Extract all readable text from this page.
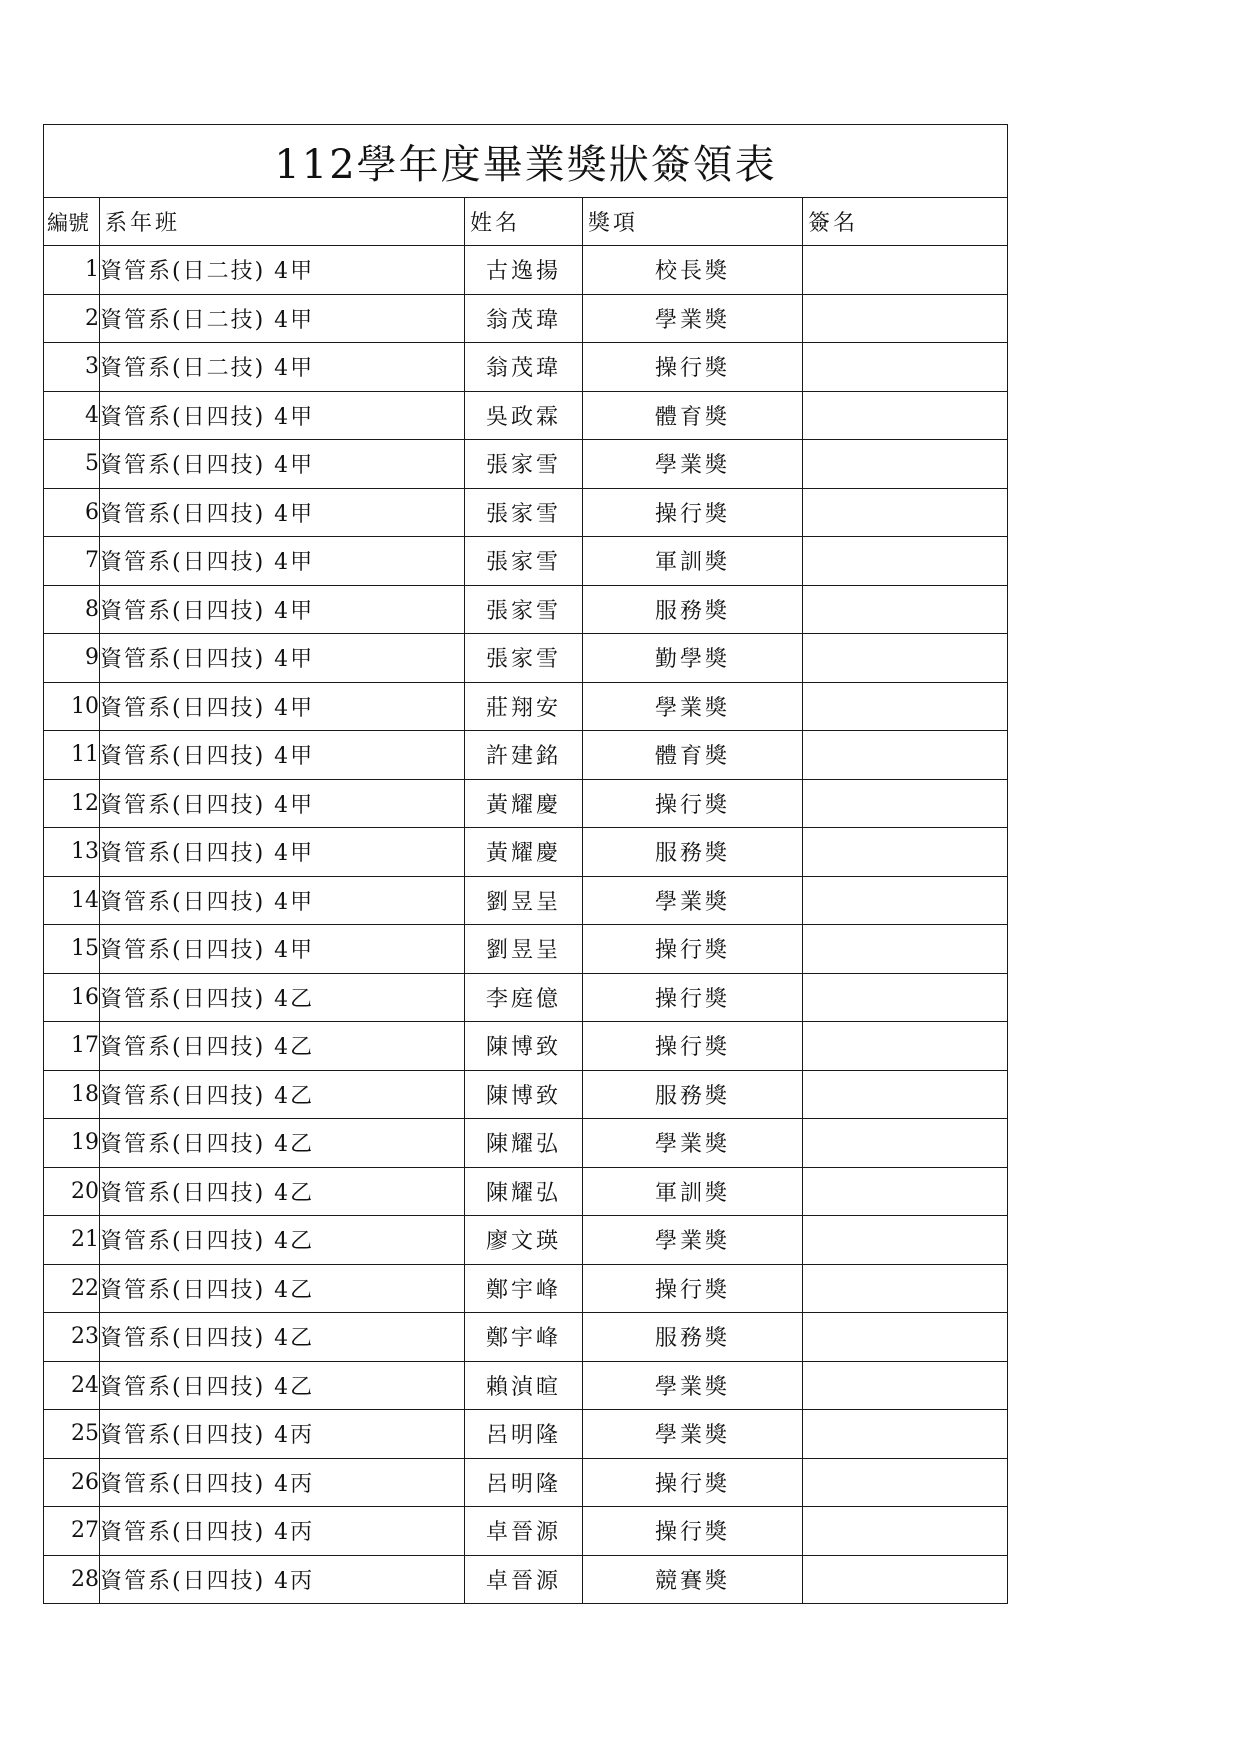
112學年度畢業獎狀簽領表				
編號	系年班	姓名	獎項	簽名
1	資管系(日二技) 4甲	古逸揚	校長獎	
2	資管系(日二技) 4甲	翁茂瑋	學業獎	
3	資管系(日二技) 4甲	翁茂瑋	操行獎	
4	資管系(日四技) 4甲	吳政霖	體育獎	
5	資管系(日四技) 4甲	張家雪	學業獎	
6	資管系(日四技) 4甲	張家雪	操行獎	
7	資管系(日四技) 4甲	張家雪	軍訓獎	
8	資管系(日四技) 4甲	張家雪	服務獎	
9	資管系(日四技) 4甲	張家雪	勤學獎	
10	資管系(日四技) 4甲	莊翔安	學業獎	
11	資管系(日四技) 4甲	許建銘	體育獎	
12	資管系(日四技) 4甲	黃耀慶	操行獎	
13	資管系(日四技) 4甲	黃耀慶	服務獎	
14	資管系(日四技) 4甲	劉昱呈	學業獎	
15	資管系(日四技) 4甲	劉昱呈	操行獎	
16	資管系(日四技) 4乙	李庭億	操行獎	
17	資管系(日四技) 4乙	陳博致	操行獎	
18	資管系(日四技) 4乙	陳博致	服務獎	
19	資管系(日四技) 4乙	陳耀弘	學業獎	
20	資管系(日四技) 4乙	陳耀弘	軍訓獎	
21	資管系(日四技) 4乙	廖文瑛	學業獎	
22	資管系(日四技) 4乙	鄭宇峰	操行獎	
23	資管系(日四技) 4乙	鄭宇峰	服務獎	
24	資管系(日四技) 4乙	賴湞暄	學業獎	
25	資管系(日四技) 4丙	呂明隆	學業獎	
26	資管系(日四技) 4丙	呂明隆	操行獎	
27	資管系(日四技) 4丙	卓晉源	操行獎	
28	資管系(日四技) 4丙	卓晉源	競賽獎	
